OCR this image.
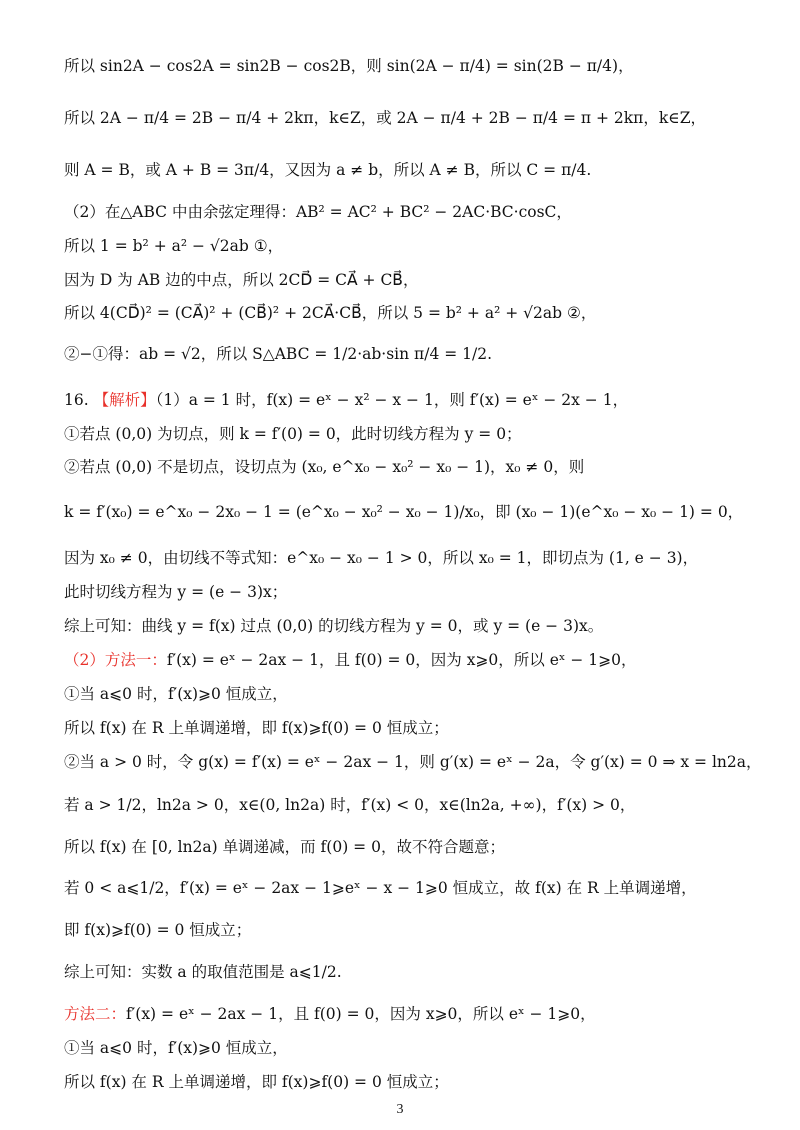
所以 sin2A − cos2A = sin2B − cos2B，则 sin(2A − π/4) = sin(2B − π/4)，
所以 2A − π/4 = 2B − π/4 + 2kπ，k∈Z，或 2A − π/4 + 2B − π/4 = π + 2kπ，k∈Z，
则 A = B，或 A + B = 3π/4，又因为 a ≠ b，所以 A ≠ B，所以 C = π/4.
（2）在△ABC 中由余弦定理得：AB² = AC² + BC² − 2AC·BC·cosC，
所以 1 = b² + a² − √2ab ①，
因为 D 为 AB 边的中点，所以 2CD⃗ = CA⃗ + CB⃗，
所以 4(CD⃗)² = (CA⃗)² + (CB⃗)² + 2CA⃗·CB⃗，所以 5 = b² + a² + √2ab ②，
②−①得：ab = √2，所以 S△ABC = 1/2·ab·sin π/4 = 1/2.
16. 【解析】（1）a = 1 时，f(x) = eˣ − x² − x − 1，则 f′(x) = eˣ − 2x − 1，
①若点 (0,0) 为切点，则 k = f′(0) = 0，此时切线方程为 y = 0；
②若点 (0,0) 不是切点，设切点为 (x₀, e^x₀ − x₀² − x₀ − 1)，x₀ ≠ 0，则
k = f′(x₀) = e^x₀ − 2x₀ − 1 = (e^x₀ − x₀² − x₀ − 1)/x₀，即 (x₀ − 1)(e^x₀ − x₀ − 1) = 0，
因为 x₀ ≠ 0，由切线不等式知：e^x₀ − x₀ − 1 > 0，所以 x₀ = 1，即切点为 (1, e − 3)，
此时切线方程为 y = (e − 3)x；
综上可知：曲线 y = f(x) 过点 (0,0) 的切线方程为 y = 0，或 y = (e − 3)x。
（2）方法一：f′(x) = eˣ − 2ax − 1，且 f(0) = 0，因为 x⩾0，所以 eˣ − 1⩾0，
①当 a⩽0 时，f′(x)⩾0 恒成立，
所以 f(x) 在 R 上单调递增，即 f(x)⩾f(0) = 0 恒成立；
②当 a > 0 时，令 g(x) = f′(x) = eˣ − 2ax − 1，则 g′(x) = eˣ − 2a，令 g′(x) = 0 ⇒ x = ln2a，
若 a > 1/2，ln2a > 0，x∈(0, ln2a) 时，f′(x) < 0，x∈(ln2a, +∞)，f′(x) > 0，
所以 f(x) 在 [0, ln2a) 单调递减，而 f(0) = 0，故不符合题意；
若 0 < a⩽1/2，f′(x) = eˣ − 2ax − 1⩾eˣ − x − 1⩾0 恒成立，故 f(x) 在 R 上单调递增，
即 f(x)⩾f(0) = 0 恒成立；
综上可知：实数 a 的取值范围是 a⩽1/2.
方法二：f′(x) = eˣ − 2ax − 1，且 f(0) = 0，因为 x⩾0，所以 eˣ − 1⩾0，
①当 a⩽0 时，f′(x)⩾0 恒成立，
所以 f(x) 在 R 上单调递增，即 f(x)⩾f(0) = 0 恒成立；
3
